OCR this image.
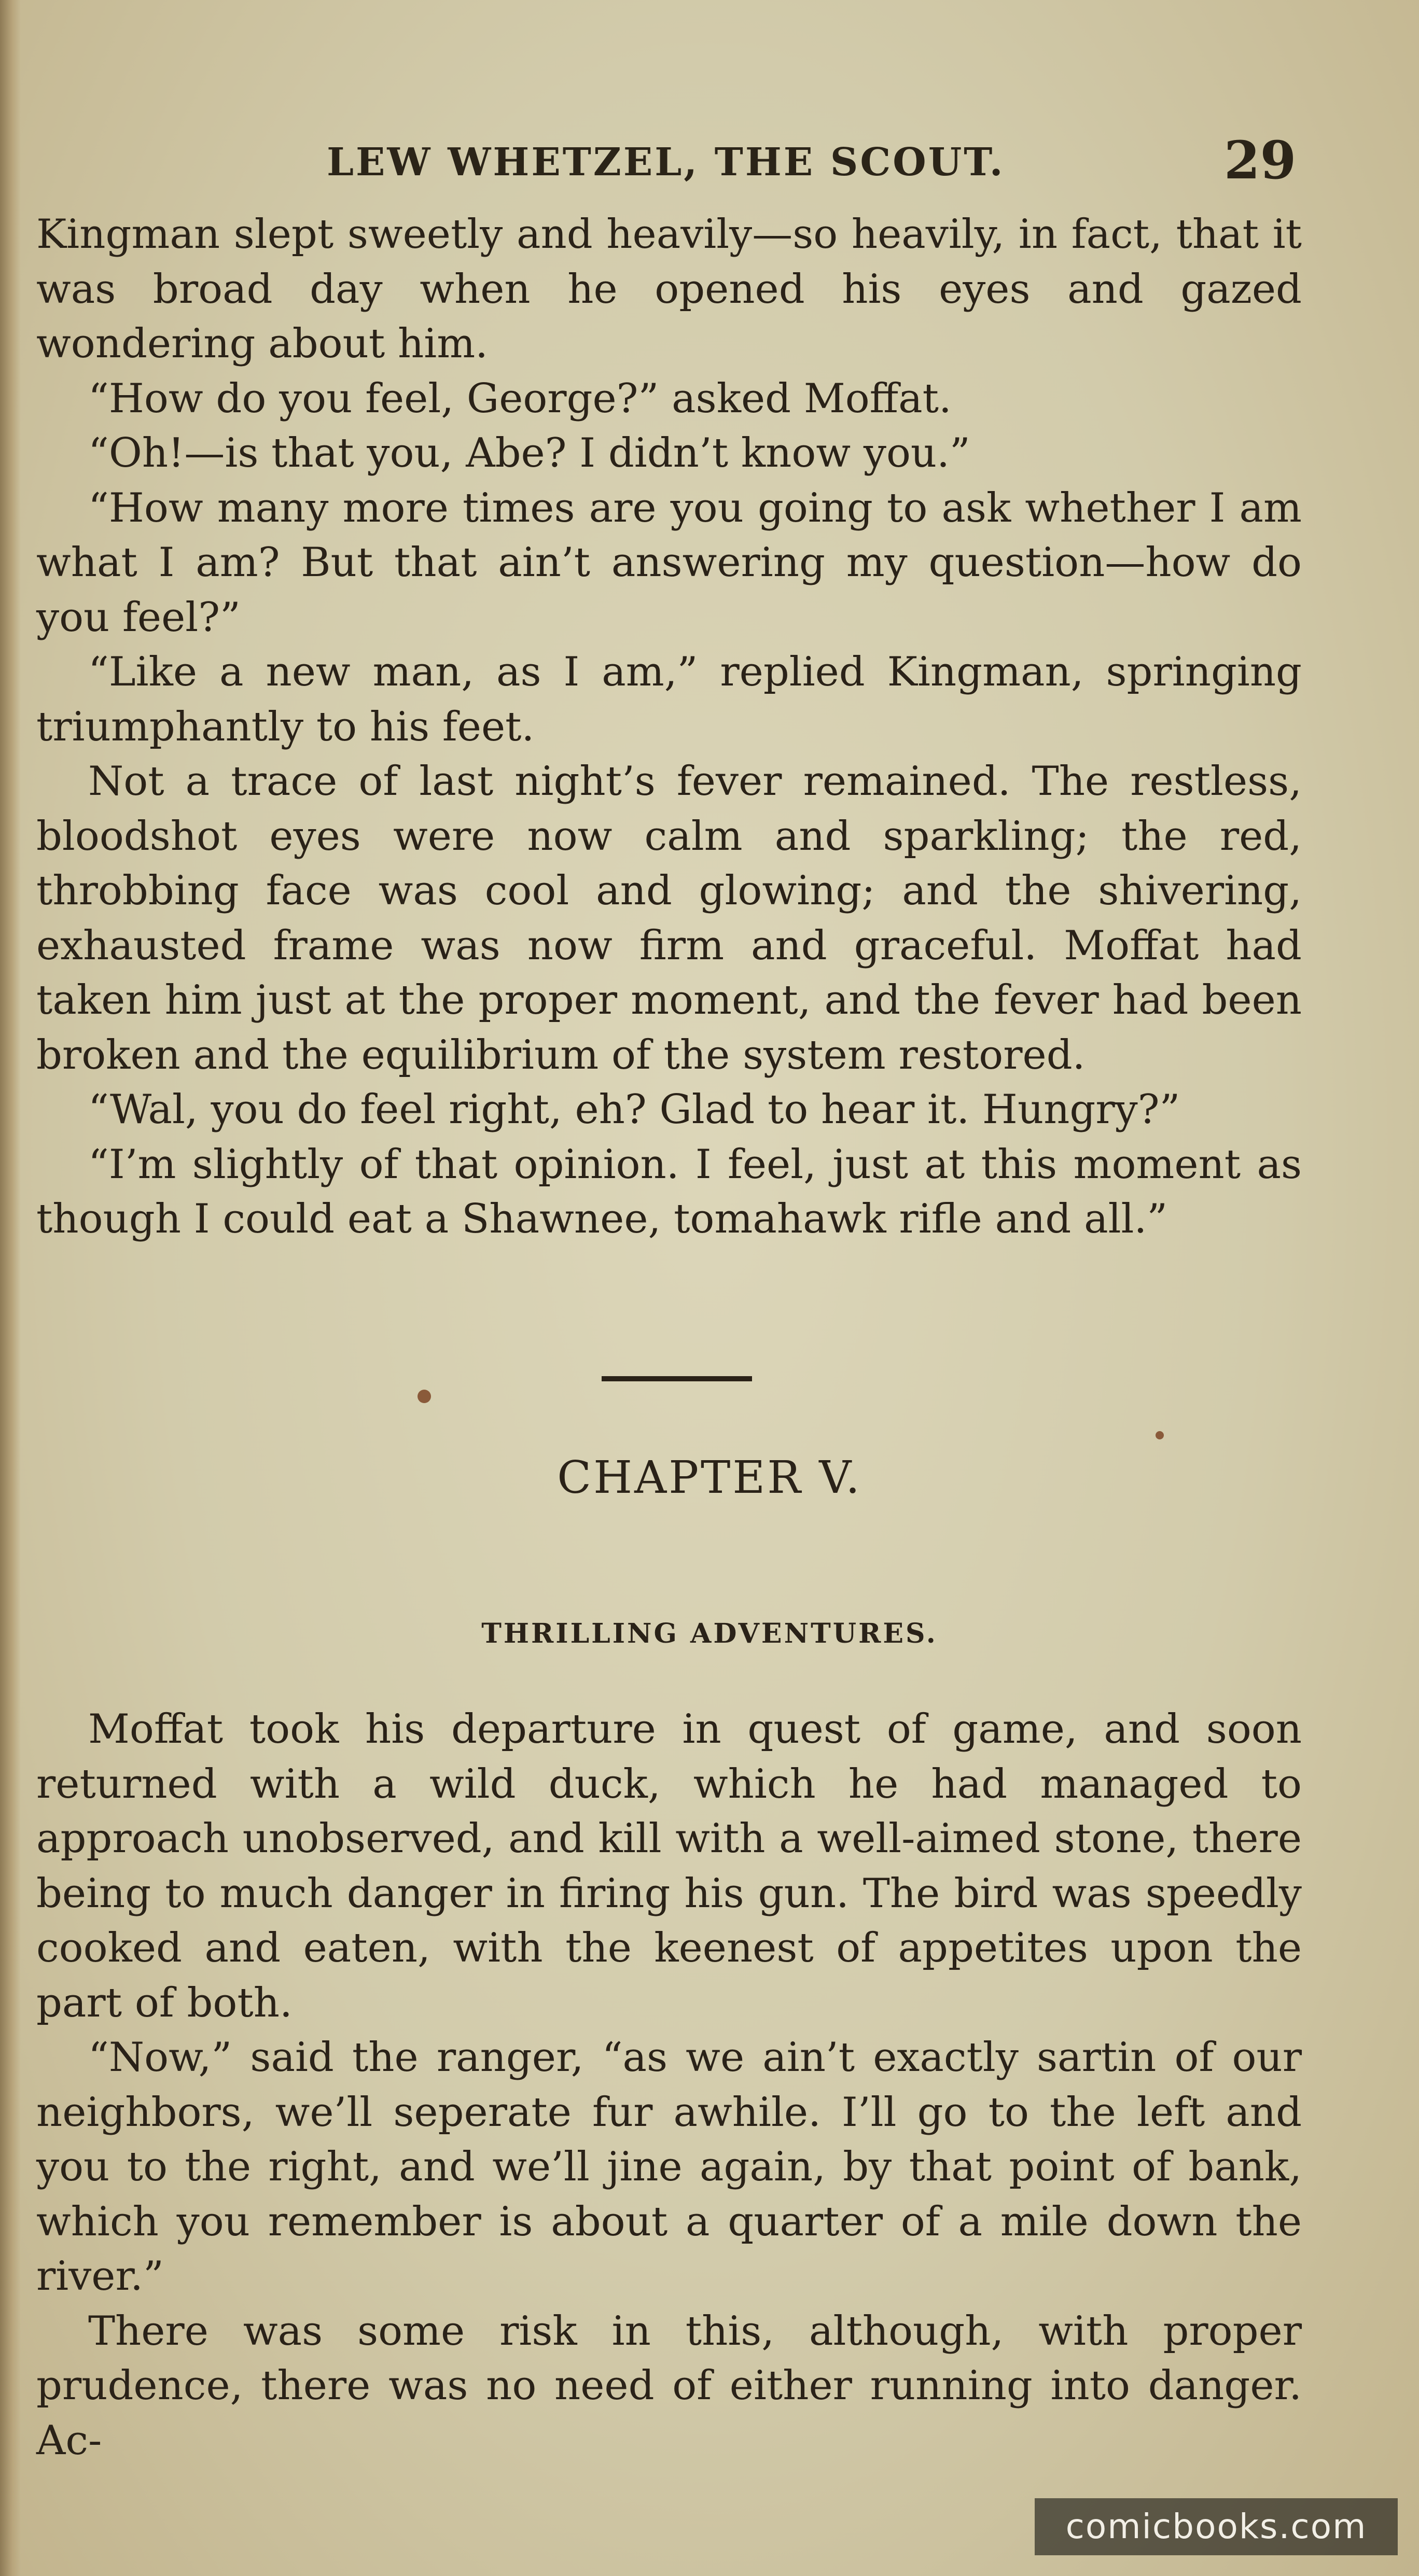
LEW WHETZEL, THE SCOUT.	29

Kingman slept sweetly and heavily—so heavily, in fact, that it was broad day when he opened his eyes and gazed wondering about him.

“How do you feel, George?” asked Moffat.

“Oh!—is that you, Abe? I didn’t know you.”

“How many more times are you going to ask whether I am what I am? But that ain’t answering my question—how do you feel?”

“Like a new man, as I am,” replied Kingman, springing triumphantly to his feet.

Not a trace of last night’s fever remained. The restless, bloodshot eyes were now calm and sparkling; the red, throbbing face was cool and glowing; and the shivering, exhausted frame was now firm and graceful. Moffat had taken him just at the proper moment, and the fever had been broken and the equilibrium of the system restored.

“Wal, you do feel right, eh? Glad to hear it. Hungry?”

“I’m slightly of that opinion. I feel, just at this moment as though I could eat a Shawnee, tomahawk rifle and all.”

CHAPTER V.
THRILLING ADVENTURES.

Moffat took his departure in quest of game, and soon returned with a wild duck, which he had managed to approach unobserved, and kill with a well-aimed stone, there being to much danger in firing his gun. The bird was speedly cooked and eaten, with the keenest of appetites upon the part of both.

“Now,” said the ranger, “as we ain’t exactly sartin of our neighbors, we’ll seperate fur awhile. I’ll go to the left and you to the right, and we’ll jine again, by that point of bank, which you remember is about a quarter of a mile down the river.”

There was some risk in this, although, with proper prudence, there was no need of either running into danger. Ac-

comicbooks.com
